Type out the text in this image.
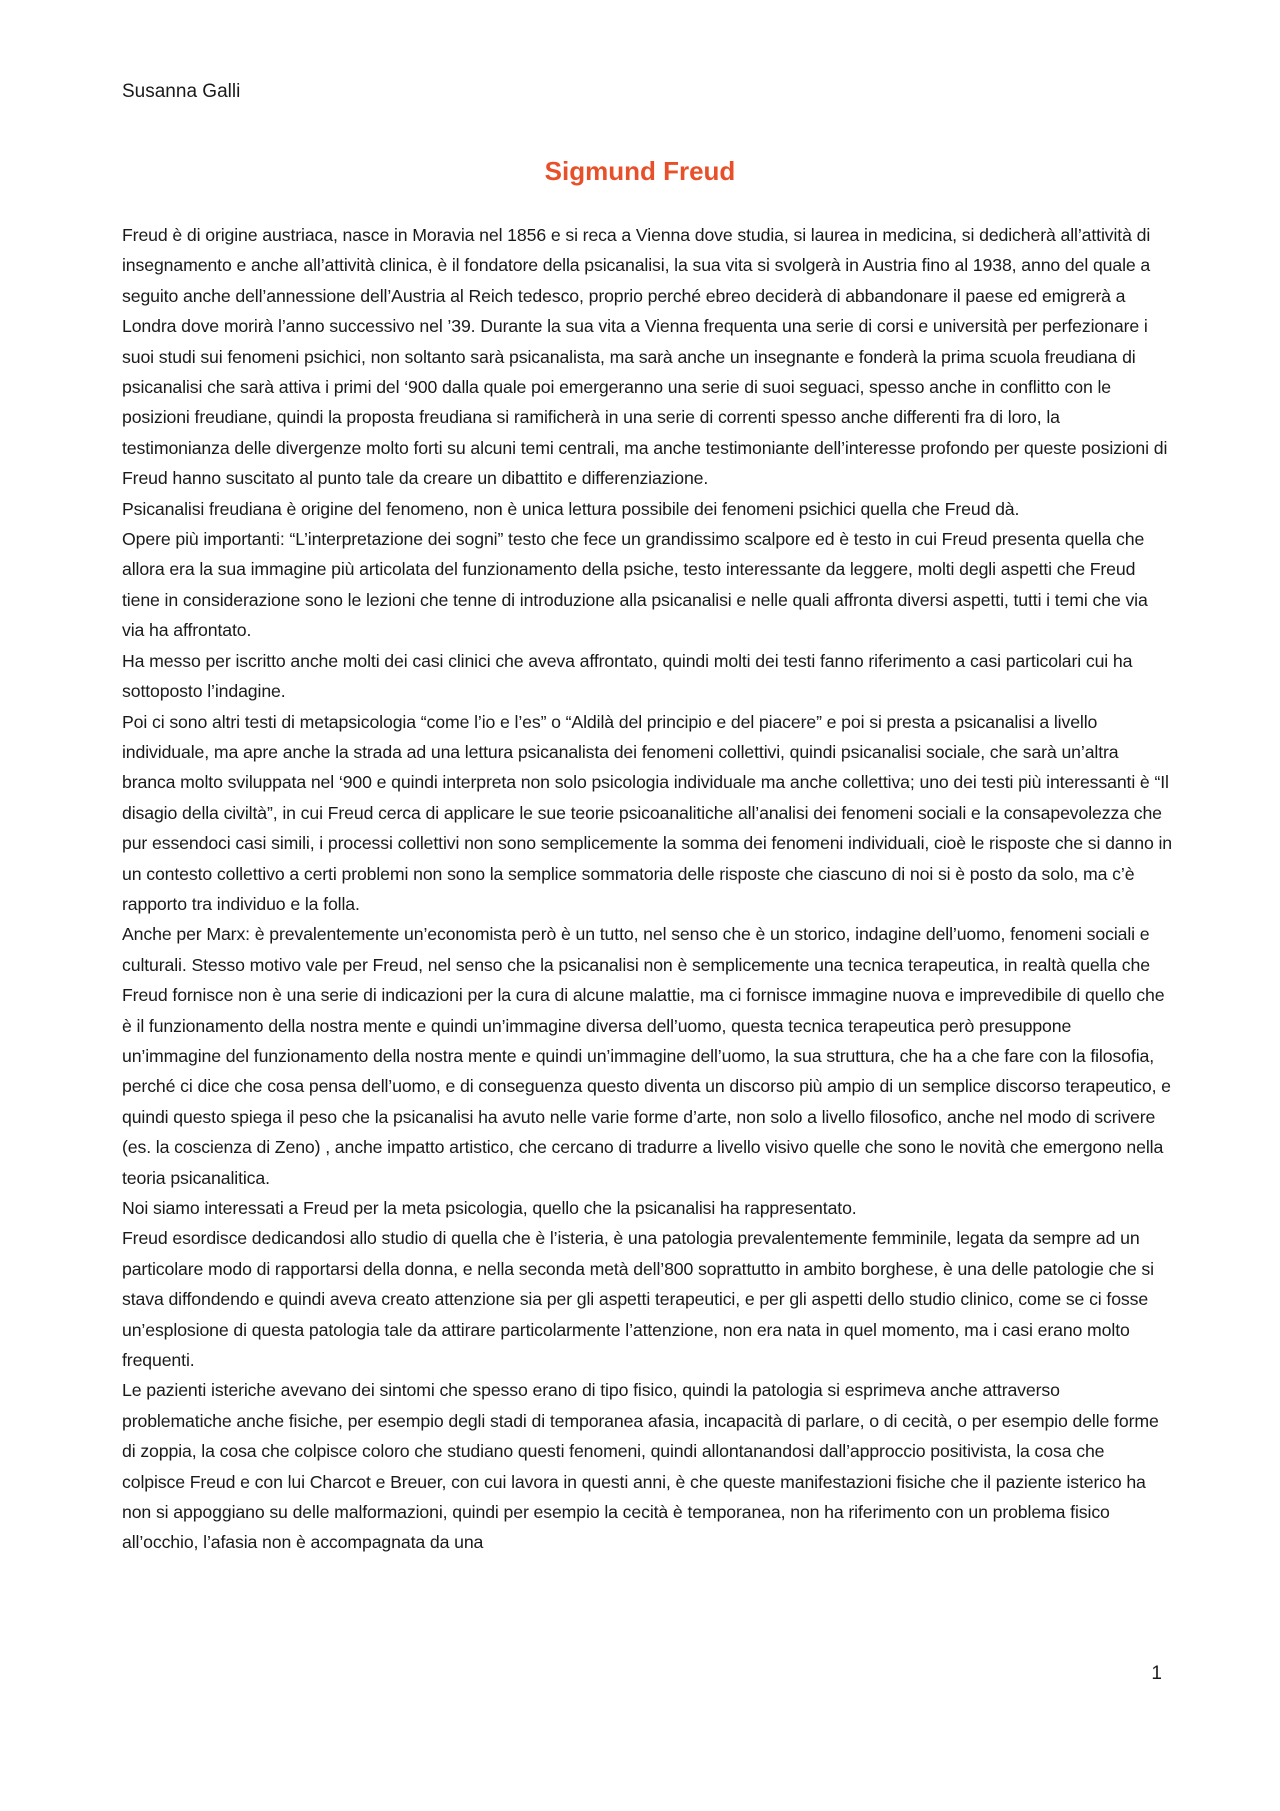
Susanna Galli
Sigmund Freud

Freud è di origine austriaca, nasce in Moravia nel 1856 e si reca a Vienna dove studia, si laurea in medicina, si dedicherà all’attività di insegnamento e anche all’attività clinica, è il fondatore della psicanalisi, la sua vita si svolgerà in Austria fino al 1938, anno del quale a seguito anche dell’annessione dell’Austria al Reich tedesco, proprio perché ebreo deciderà di abbandonare il paese ed emigrerà a Londra dove morirà l’anno successivo nel ’39. Durante la sua vita a Vienna frequenta una serie di corsi e università per perfezionare i suoi studi sui fenomeni psichici, non soltanto sarà psicanalista, ma sarà anche un insegnante e fonderà la prima scuola freudiana di psicanalisi che sarà attiva i primi del ‘900 dalla quale poi emergeranno una serie di suoi seguaci, spesso anche in conflitto con le posizioni freudiane, quindi la proposta freudiana si ramificherà in una serie di correnti spesso anche differenti fra di loro, la testimonianza delle divergenze molto forti su alcuni temi centrali, ma anche testimoniante dell’interesse profondo per queste posizioni di Freud hanno suscitato al punto tale da creare un dibattito e differenziazione.

Psicanalisi freudiana è origine del fenomeno, non è unica lettura possibile dei fenomeni psichici quella che Freud dà.

Opere più importanti: “L’interpretazione dei sogni” testo che fece un grandissimo scalpore ed è testo in cui Freud presenta quella che allora era la sua immagine più articolata del funzionamento della psiche, testo interessante da leggere, molti degli aspetti che Freud tiene in considerazione sono le lezioni che tenne di introduzione alla psicanalisi e nelle quali affronta diversi aspetti, tutti i temi che via via ha affrontato.

Ha messo per iscritto anche molti dei casi clinici che aveva affrontato, quindi molti dei testi fanno riferimento a casi particolari cui ha sottoposto l’indagine.

Poi ci sono altri testi di metapsicologia “come l’io e l’es” o “Aldilà del principio e del piacere” e poi si presta a psicanalisi a livello individuale, ma apre anche la strada ad una lettura psicanalista dei fenomeni collettivi, quindi psicanalisi sociale, che sarà un’altra branca molto sviluppata nel ‘900 e quindi interpreta non solo psicologia individuale ma anche collettiva; uno dei testi più interessanti è “Il disagio della civiltà”, in cui Freud cerca di applicare le sue teorie psicoanalitiche all’analisi dei fenomeni sociali e la consapevolezza che pur essendoci casi simili, i processi collettivi non sono semplicemente la somma dei fenomeni individuali, cioè le risposte che si danno in un contesto collettivo a certi problemi non sono la semplice sommatoria delle risposte che ciascuno di noi si è posto da solo, ma c’è rapporto tra individuo e la folla.

Anche per Marx: è prevalentemente un’economista però è un tutto, nel senso che è un storico, indagine dell’uomo, fenomeni sociali e culturali. Stesso motivo vale per Freud, nel senso che la psicanalisi non è semplicemente una tecnica terapeutica, in realtà quella che Freud fornisce non è una serie di indicazioni per la cura di alcune malattie, ma ci fornisce immagine nuova e imprevedibile di quello che è il funzionamento della nostra mente e quindi un’immagine diversa dell’uomo, questa tecnica terapeutica però presuppone un’immagine del funzionamento della nostra mente e quindi un’immagine dell’uomo, la sua struttura, che ha a che fare con la filosofia, perché ci dice che cosa pensa dell’uomo, e di conseguenza questo diventa un discorso più ampio di un semplice discorso terapeutico, e quindi questo spiega il peso che la psicanalisi ha avuto nelle varie forme d’arte, non solo a livello filosofico, anche nel modo di scrivere (es. la coscienza di Zeno) , anche impatto artistico, che cercano di tradurre a livello visivo quelle che sono le novità che emergono nella teoria psicanalitica.

Noi siamo interessati a Freud per la meta psicologia, quello che la psicanalisi ha rappresentato.

Freud esordisce dedicandosi allo studio di quella che è l’isteria, è una patologia prevalentemente femminile, legata da sempre ad un particolare modo di rapportarsi della donna, e nella seconda metà dell’800 soprattutto in ambito borghese, è una delle patologie che si stava diffondendo e quindi aveva creato attenzione sia per gli aspetti terapeutici, e per gli aspetti dello studio clinico, come se ci fosse un’esplosione di questa patologia tale da attirare particolarmente l’attenzione, non era nata in quel momento, ma i casi erano molto frequenti.

Le pazienti isteriche avevano dei sintomi che spesso erano di tipo fisico, quindi la patologia si esprimeva anche attraverso problematiche anche fisiche, per esempio degli stadi di temporanea afasia, incapacità di parlare, o di cecità, o per esempio delle forme di zoppia, la cosa che colpisce coloro che studiano questi fenomeni, quindi allontanandosi dall’approccio positivista, la cosa che colpisce Freud e con lui Charcot e Breuer, con cui lavora in questi anni, è che queste manifestazioni fisiche che il paziente isterico ha non si appoggiano su delle malformazioni, quindi per esempio la cecità è temporanea, non ha riferimento con un problema fisico all’occhio, l’afasia non è accompagnata da una

1
